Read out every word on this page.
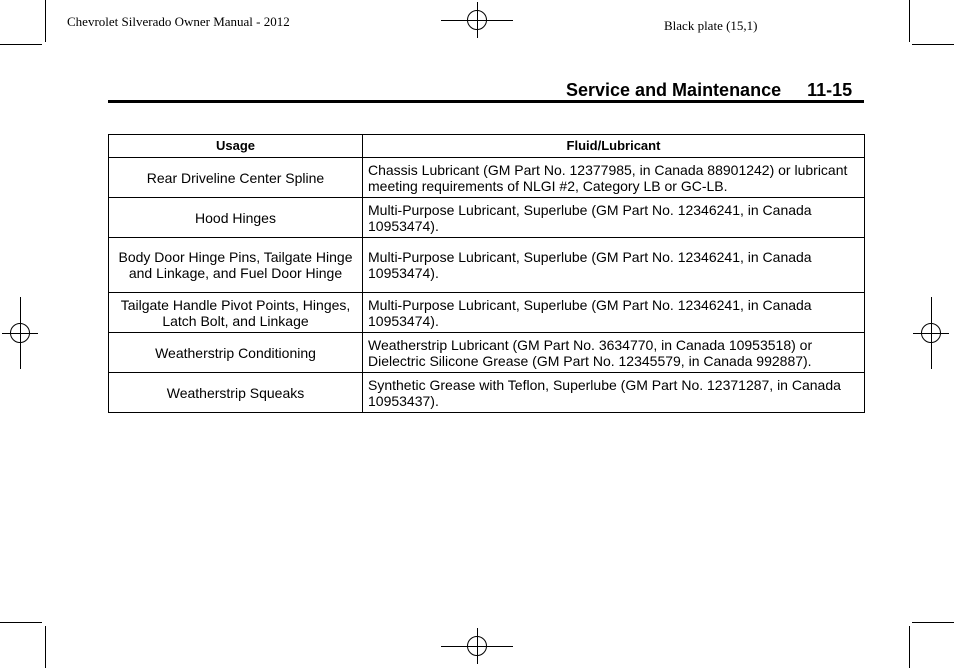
Chevrolet Silverado Owner Manual - 2012	Black plate (15,1)
Service and Maintenance 11-15
Usage	Fluid/Lubricant
Rear Driveline Center Spline	Chassis Lubricant (GM Part No. 12377985, in Canada 88901242) or lubricant meeting requirements of NLGI #2, Category LB or GC-LB.
Hood Hinges	Multi-Purpose Lubricant, Superlube (GM Part No. 12346241, in Canada 10953474).
Body Door Hinge Pins, Tailgate Hinge and Linkage, and Fuel Door Hinge	Multi-Purpose Lubricant, Superlube (GM Part No. 12346241, in Canada 10953474).
Tailgate Handle Pivot Points, Hinges, Latch Bolt, and Linkage	Multi-Purpose Lubricant, Superlube (GM Part No. 12346241, in Canada 10953474).
Weatherstrip Conditioning	Weatherstrip Lubricant (GM Part No. 3634770, in Canada 10953518) or Dielectric Silicone Grease (GM Part No. 12345579, in Canada 992887).
Weatherstrip Squeaks	Synthetic Grease with Teflon, Superlube (GM Part No. 12371287, in Canada 10953437).
